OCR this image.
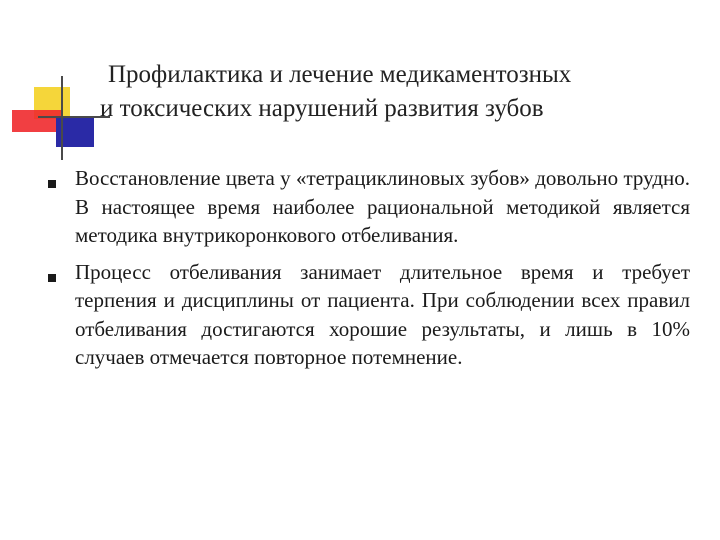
Профилактика и лечение медикаментозных
и токсических нарушений развития зубов
Восстановление цвета у «тетрациклиновых зубов» довольно трудно. В настоящее время наиболее рациональной методикой является методика внутрикоронкового отбеливания.
Процесс отбеливания занимает длительное время и требует терпения и дисциплины от пациента. При соблюдении всех правил отбеливания достигаются хорошие результаты, и лишь в 10% случаев отмечается повторное потемнение.
